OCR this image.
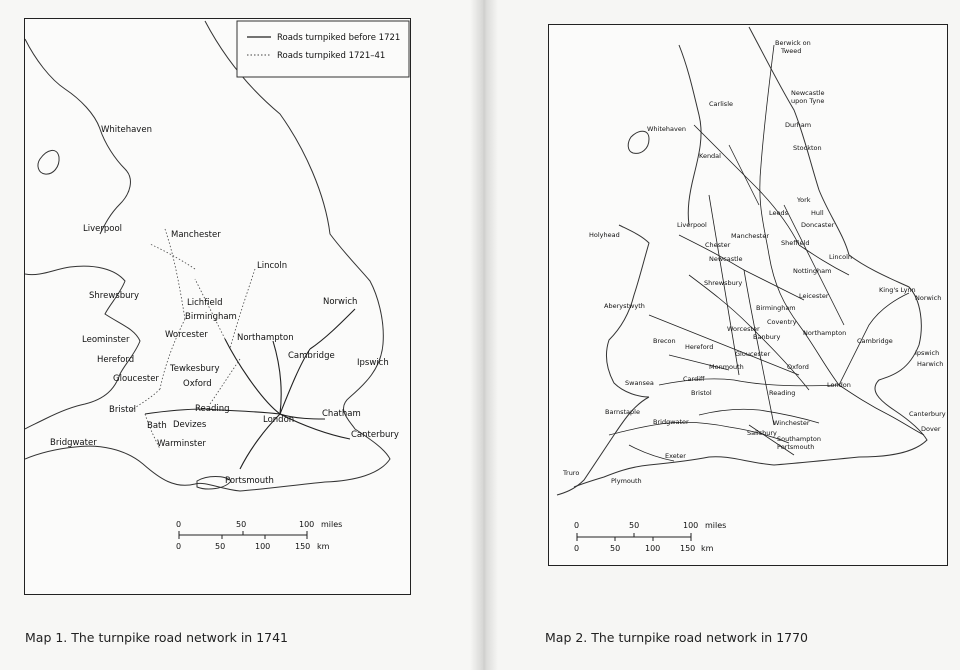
Roads turnpiked before 1721
Roads turnpiked 1721–41
Whitehaven
Liverpool
Manchester
Lincoln
Shrewsbury
Lichfield
Birmingham
Norwich
Leominster	Worcester	Northampton
Hereford	Cambridge
Tewkesbury
Gloucester	Oxford
Ipswich
Bristol	Reading
Bath Devizes	London
Chatham
Canterbury
Bridgwater	Warminster
Portsmouth
0	50	100 miles
0	50	100	150 km
Map 1. The turnpike road network in 1741
Berwick on
Tweed
Newcastle
upon Tyne
Carlisle
Whitehaven	Durham
Stockton
Kendal
York
Hull
Leeds
Doncaster
Liverpool
Holyhead	Manchester
Sheffield
Chester
Newcastle	Lincoln
Nottingham
Shrewsbury
King's Lynn
Norwich
Leicester
Aberystwyth	Birmingham
Coventry
Worcester	Northampton
Banbury	Cambridge
Brecon
Hereford
Gloucester	Ipswich
Harwich
Monmouth	Oxford
Swansea	Cardiff
London
Bristol	Reading
Barnstaple
Bridgwater
Canterbury
Winchester
Dover
Salisbury
Southampton
Portsmouth
Exeter
Truro
Plymouth
0	50	100 miles
0	50	100 150 km
Map 2. The turnpike road network in 1770
